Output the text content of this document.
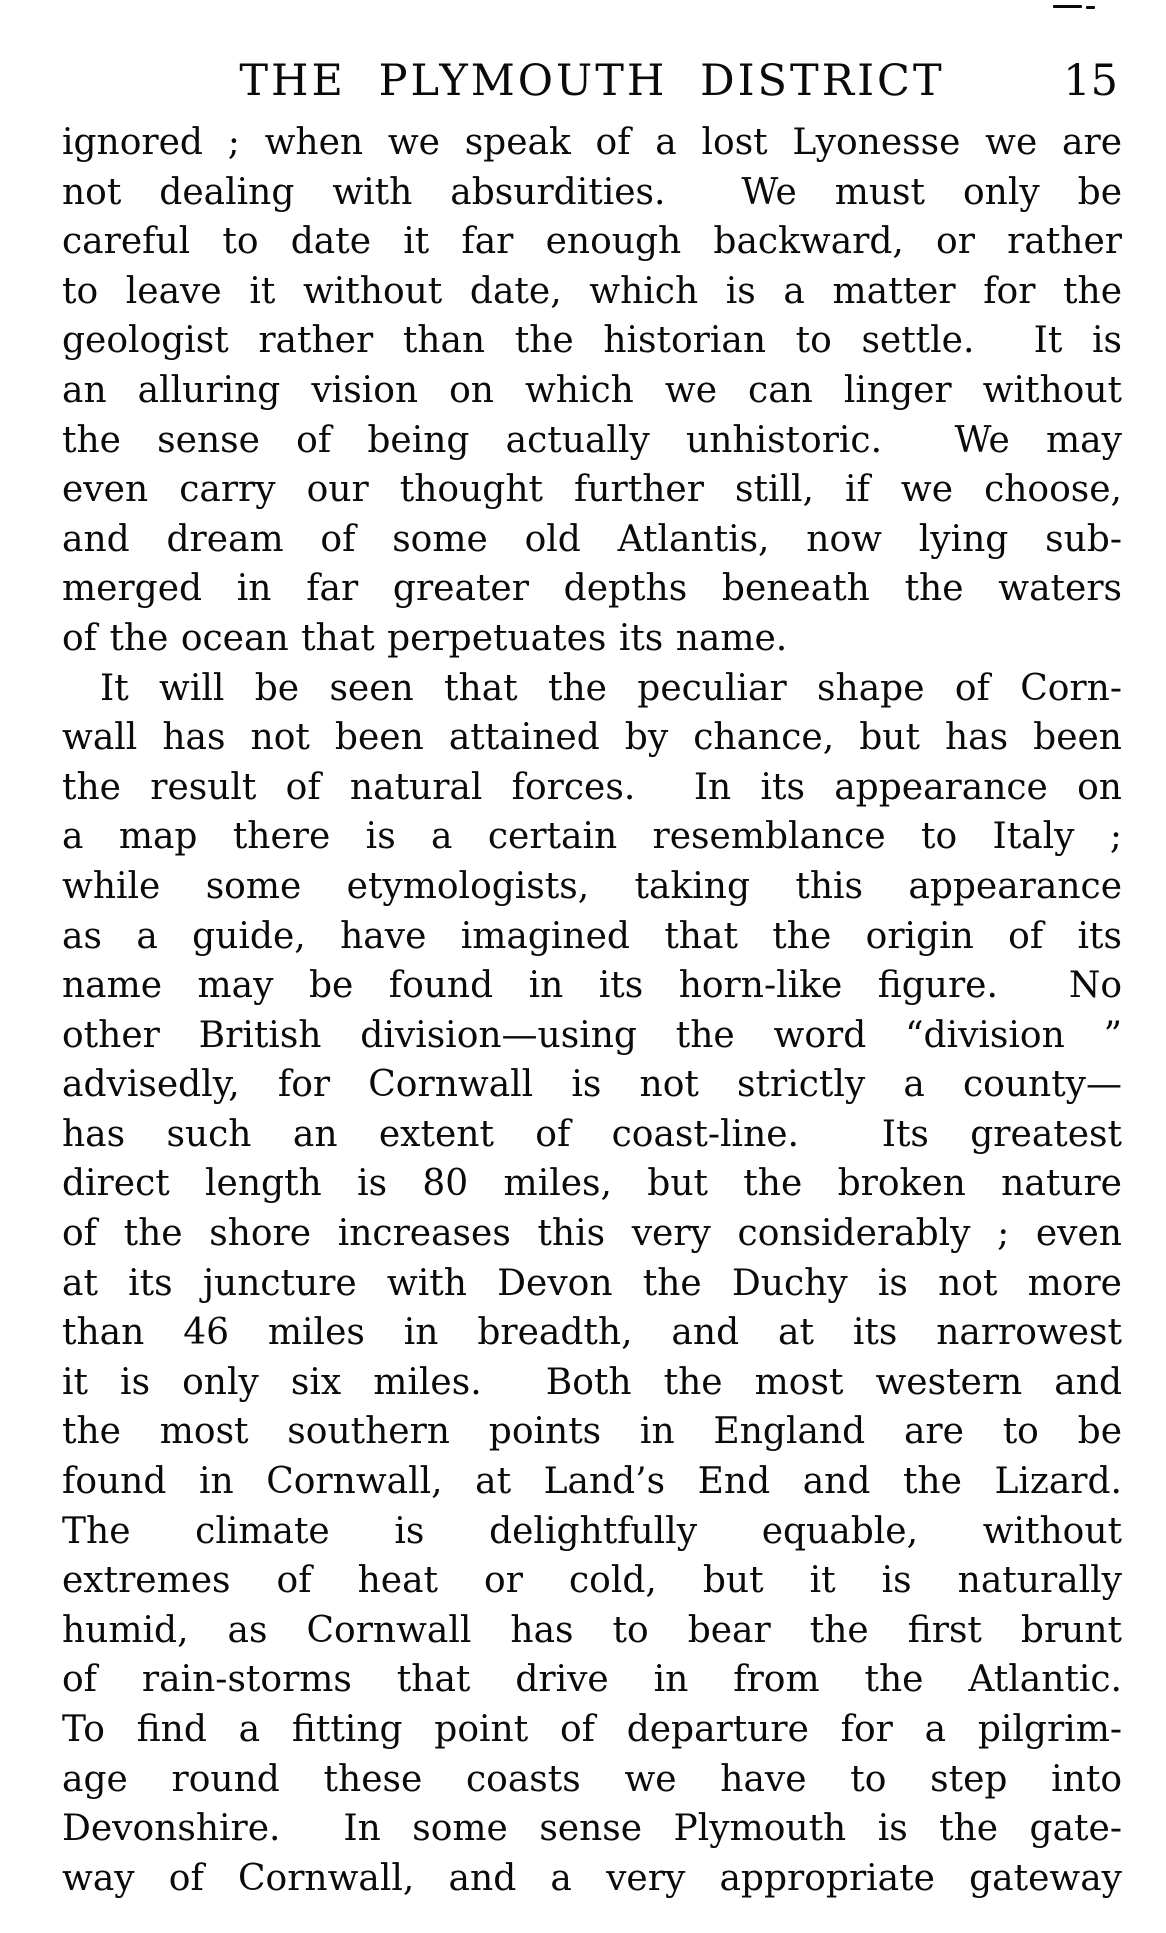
THE PLYMOUTH DISTRICT	15
ignored ; when we speak of a lost Lyonesse we are
not dealing with absurdities.  We must only be
careful to date it far enough backward, or rather
to leave it without date, which is a matter for the
geologist rather than the historian to settle.  It is
an alluring vision on which we can linger without
the sense of being actually unhistoric.  We may
even carry our thought further still, if we choose,
and dream of some old Atlantis, now lying sub-
merged in far greater depths beneath the waters
of the ocean that perpetuates its name.
It will be seen that the peculiar shape of Corn-
wall has not been attained by chance, but has been
the result of natural forces.  In its appearance on
a map there is a certain resemblance to Italy ;
while some etymologists, taking this appearance
as a guide, have imagined that the origin of its
name may be found in its horn-like figure.  No
other British division—using the word “division ”
advisedly, for Cornwall is not strictly a county—
has such an extent of coast-line.  Its greatest
direct length is 80 miles, but the broken nature
of the shore increases this very considerably ; even
at its juncture with Devon the Duchy is not more
than 46 miles in breadth, and at its narrowest
it is only six miles.  Both the most western and
the most southern points in England are to be
found in Cornwall, at Land’s End and the Lizard.
The climate is delightfully equable, without
extremes of heat or cold, but it is naturally
humid, as Cornwall has to bear the first brunt
of rain-storms that drive in from the Atlantic.
To find a fitting point of departure for a pilgrim-
age round these coasts we have to step into
Devonshire.  In some sense Plymouth is the gate-
way of Cornwall, and a very appropriate gateway
